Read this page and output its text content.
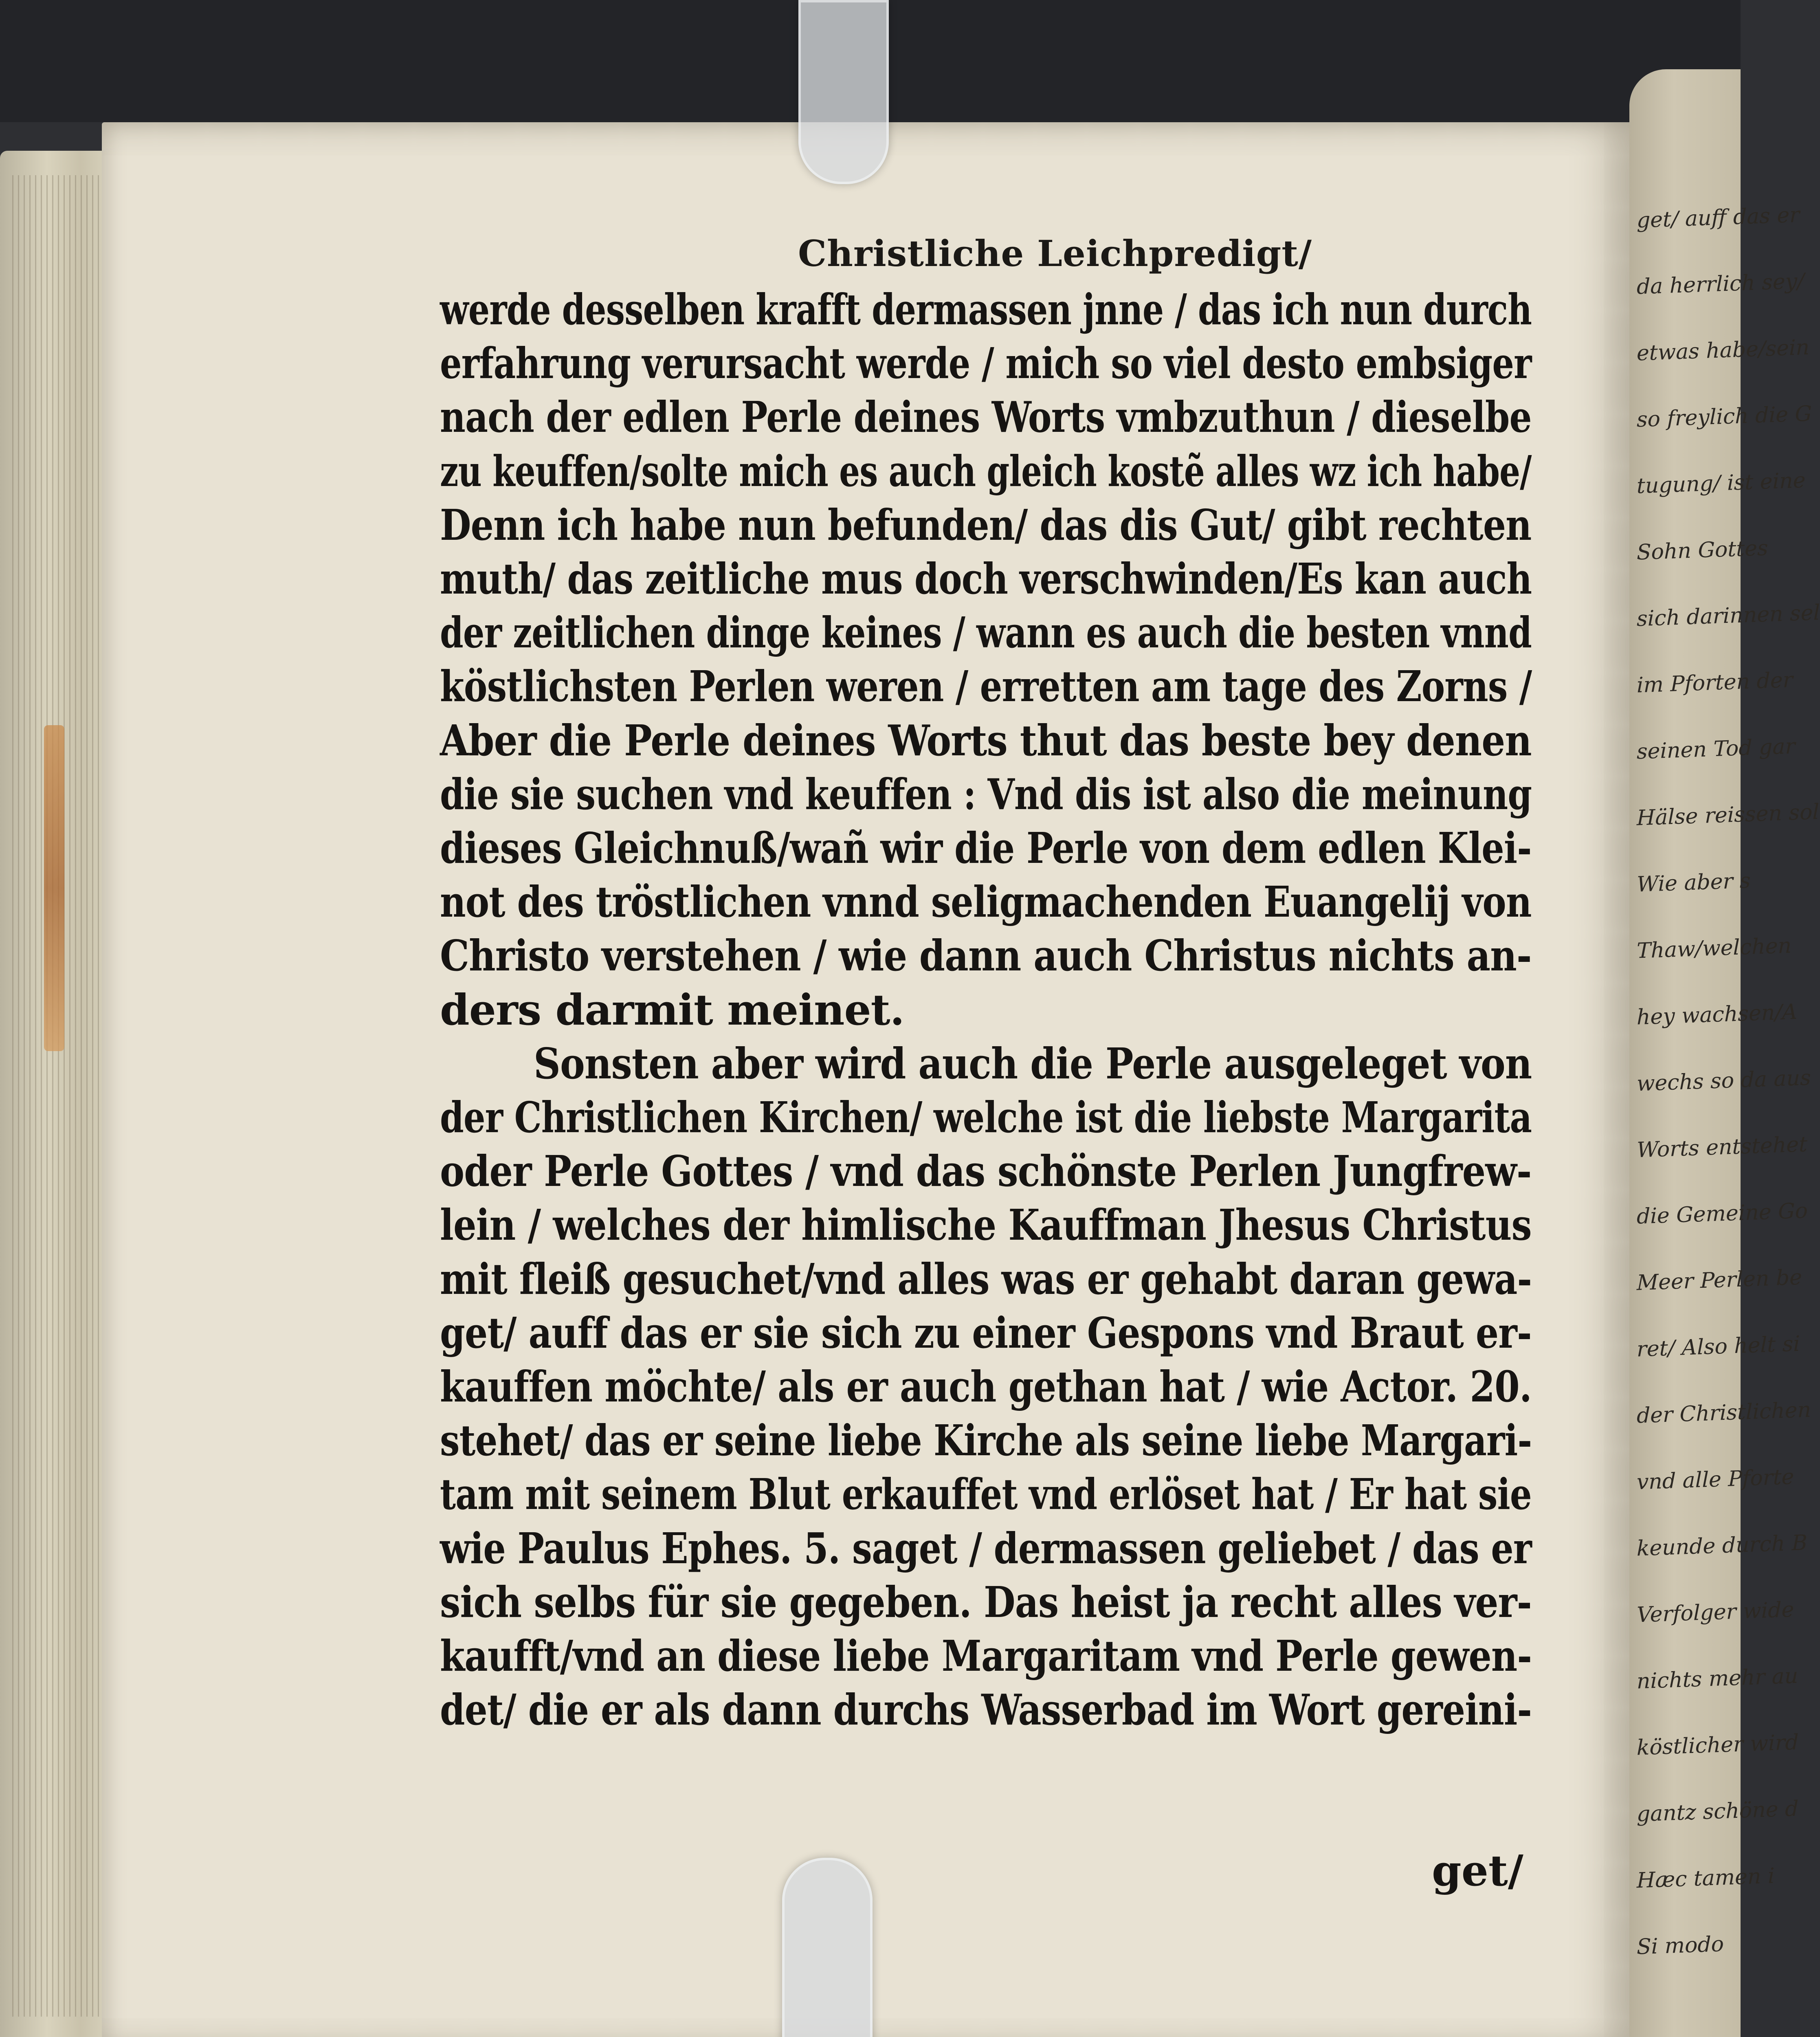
get/ auff das er
da herrlich sey/
etwas habe/sein
so freylich die G
tugung/ ist eine
Sohn Gottes
sich darinnen sel
im Pforten der
seinen Tod gar
Hälse reissen sol
Wie aber s
Thaw/welchen
hey wachsen/A
wechs so da aus
Worts entstehet
die Gemeine Go
Meer Perlen be
ret/ Also helt si
der Christlichen
vnd alle Pforte
keunde durch B
Verfolger wide
nichts mehr au
köstlicher wird
gantz schöne d
Hæc tamen i
Si modo
Christliche Leichpredigt/
get/
werde desselben krafft dermassen jnne / das ich nun durch
erfahrung verursacht werde / mich so viel desto embsiger
nach der edlen Perle deines Worts vmbzuthun / dieselbe
zu keuffen/solte mich es auch gleich kostẽ alles wz ich habe/
Denn ich habe nun befunden/ das dis Gut/ gibt rechten
muth/ das zeitliche mus doch verschwinden/Es kan auch
der zeitlichen dinge keines / wann es auch die besten vnnd
köstlichsten Perlen weren / erretten am tage des Zorns /
Aber die Perle deines Worts thut das beste bey denen
die sie suchen vnd keuffen : Vnd dis ist also die meinung
dieses Gleichnuß/wañ wir die Perle von dem edlen Klei-
not des tröstlichen vnnd seligmachenden Euangelij von
Christo verstehen / wie dann auch Christus nichts an-
ders darmit meinet.
Sonsten aber wird auch die Perle ausgeleget von
der Christlichen Kirchen/ welche ist die liebste Margarita
oder Perle Gottes / vnd das schönste Perlen Jungfrew-
lein / welches der himlische Kauffman Jhesus Christus
mit fleiß gesuchet/vnd alles was er gehabt daran gewa-
get/ auff das er sie sich zu einer Gespons vnd Braut er-
kauffen möchte/ als er auch gethan hat / wie Actor. 20.
stehet/ das er seine liebe Kirche als seine liebe Margari-
tam mit seinem Blut erkauffet vnd erlöset hat / Er hat sie
wie Paulus Ephes. 5. saget / dermassen geliebet / das er
sich selbs für sie gegeben. Das heist ja recht alles ver-
kaufft/vnd an diese liebe Margaritam vnd Perle gewen-
det/ die er als dann durchs Wasserbad im Wort gereini-
